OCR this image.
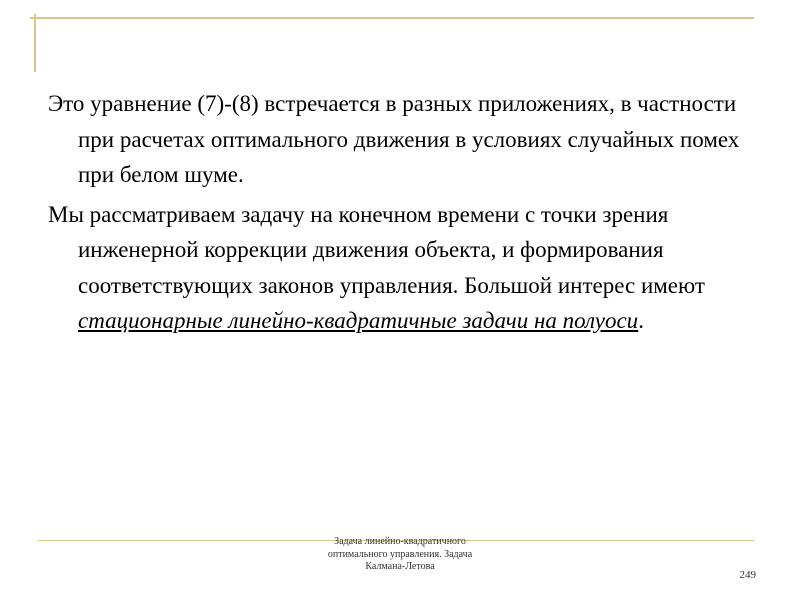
Это уравнение (7)-(8) встречается в разных приложениях, в частности при расчетах оптимального движения в условиях случайных помех при белом шуме.

Мы рассматриваем задачу на конечном времени с точки зрения инженерной коррекции движения объекта, и формирования соответствующих законов управления. Большой интерес имеют стационарные линейно-квадратичные задачи на полуоси.

Задача линейно-квадратичного
оптимального управления. Задача
Калмана-Летова
249
